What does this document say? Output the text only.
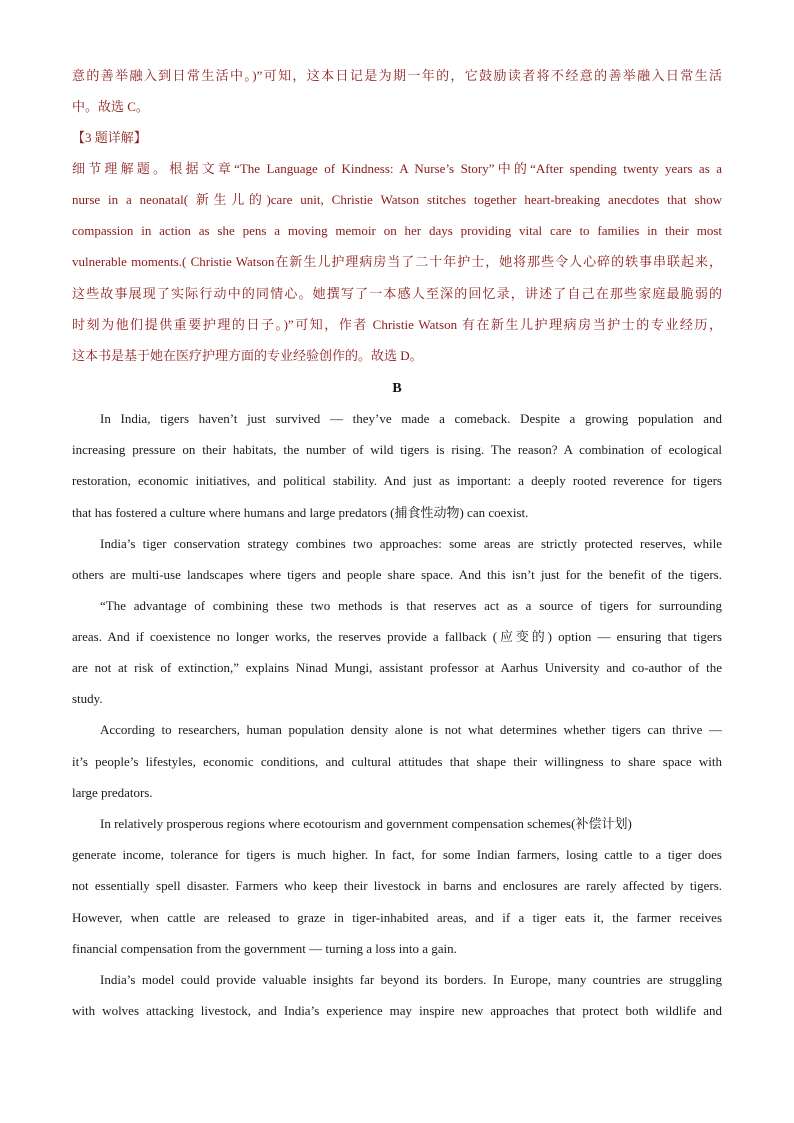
意的善举融入到日常生活中。)”可知，这本日记是为期一年的，它鼓励读者将不经意的善举融入日常生活
中。故选 C。
【3 题详解】
细节理解题。根据文章“The Language of Kindness: A Nurse’s Story”中的“After spending twenty years as a
nurse in a neonatal( 新生儿的)care unit, Christie Watson stitches together heart-breaking anecdotes that show
compassion in action as she pens a moving memoir on her days providing vital care to families in their most
vulnerable moments.( Christie Watson在新生儿护理病房当了二十年护士，她将那些令人心碎的轶事串联起来，
这些故事展现了实际行动中的同情心。她撰写了一本感人至深的回忆录，讲述了自己在那些家庭最脆弱的
时刻为他们提供重要护理的日子。)”可知，作者 Christie Watson 有在新生儿护理病房当护士的专业经历，
这本书是基于她在医疗护理方面的专业经验创作的。故选 D。
B
In India, tigers haven’t just survived — they’ve made a comeback. Despite a growing population and
increasing pressure on their habitats, the number of wild tigers is rising. The reason? A combination of ecological
restoration, economic initiatives, and political stability. And just as important: a deeply rooted reverence for tigers
that has fostered a culture where humans and large predators (捕食性动物) can coexist.
India’s tiger conservation strategy combines two approaches: some areas are strictly protected reserves, while
others are multi-use landscapes where tigers and people share space. And this isn’t just for the benefit of the tigers.
“The advantage of combining these two methods is that reserves act as a source of tigers for surrounding
areas. And if coexistence no longer works, the reserves provide a fallback (应变的) option — ensuring that tigers
are not at risk of extinction,” explains Ninad Mungi, assistant professor at Aarhus University and co-author of the
study.
According to researchers, human population density alone is not what determines whether tigers can thrive —
it’s people’s lifestyles, economic conditions, and cultural attitudes that shape their willingness to share space with
large predators.
In relatively prosperous regions where ecotourism and government compensation schemes(补偿计划)
generate income, tolerance for tigers is much higher. In fact, for some Indian farmers, losing cattle to a tiger does
not essentially spell disaster. Farmers who keep their livestock in barns and enclosures are rarely affected by tigers.
However, when cattle are released to graze in tiger-inhabited areas, and if a tiger eats it, the farmer receives
financial compensation from the government — turning a loss into a gain.
India’s model could provide valuable insights far beyond its borders. In Europe, many countries are struggling
with wolves attacking livestock, and India’s experience may inspire new approaches that protect both wildlife and
